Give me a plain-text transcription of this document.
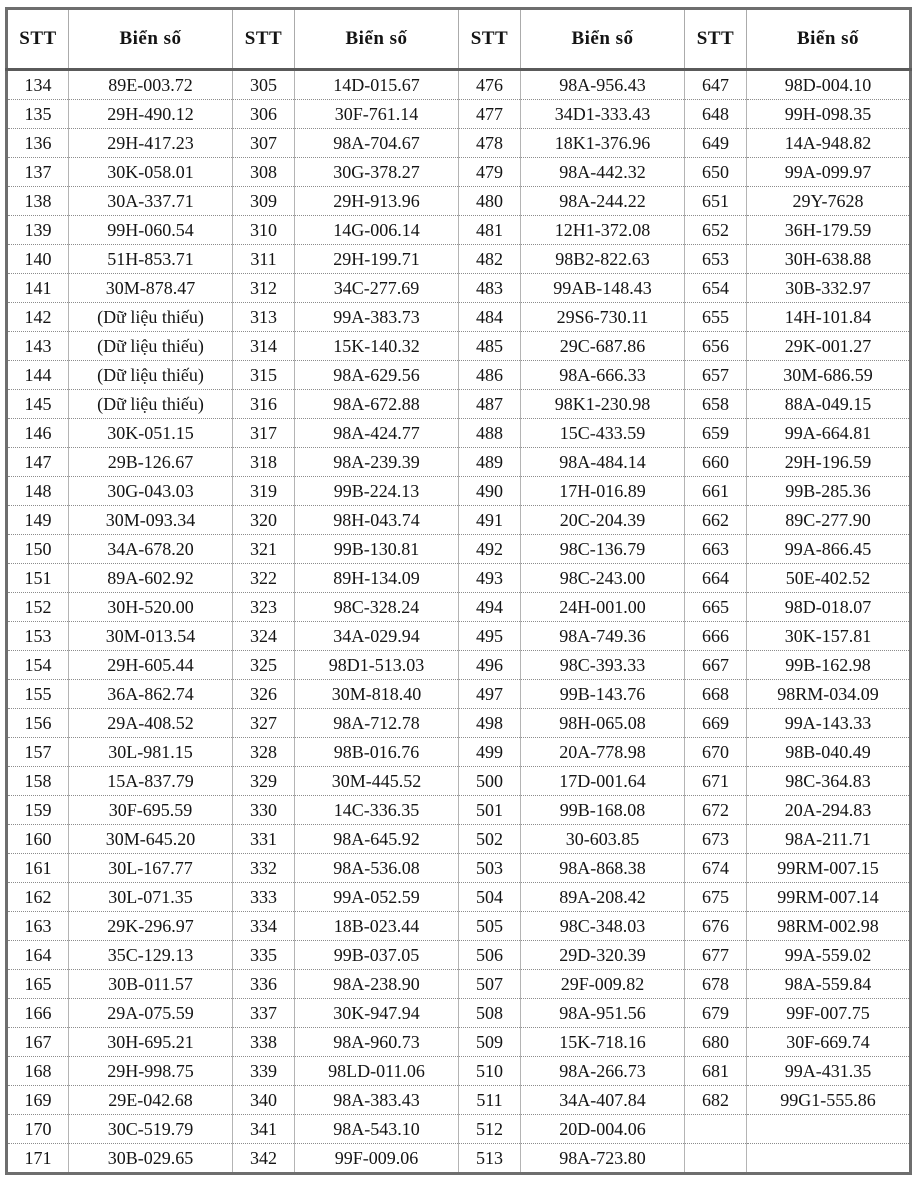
STT	Biển số	STT	Biển số	STT	Biển số	STT	Biển số
134	89E-003.72	305	14D-015.67	476	98A-956.43	647	98D-004.10
135	29H-490.12	306	30F-761.14	477	34D1-333.43	648	99H-098.35
136	29H-417.23	307	98A-704.67	478	18K1-376.96	649	14A-948.82
137	30K-058.01	308	30G-378.27	479	98A-442.32	650	99A-099.97
138	30A-337.71	309	29H-913.96	480	98A-244.22	651	29Y-7628
139	99H-060.54	310	14G-006.14	481	12H1-372.08	652	36H-179.59
140	51H-853.71	311	29H-199.71	482	98B2-822.63	653	30H-638.88
141	30M-878.47	312	34C-277.69	483	99AB-148.43	654	30B-332.97
142	(Dữ liệu thiếu)	313	99A-383.73	484	29S6-730.11	655	14H-101.84
143	(Dữ liệu thiếu)	314	15K-140.32	485	29C-687.86	656	29K-001.27
144	(Dữ liệu thiếu)	315	98A-629.56	486	98A-666.33	657	30M-686.59
145	(Dữ liệu thiếu)	316	98A-672.88	487	98K1-230.98	658	88A-049.15
146	30K-051.15	317	98A-424.77	488	15C-433.59	659	99A-664.81
147	29B-126.67	318	98A-239.39	489	98A-484.14	660	29H-196.59
148	30G-043.03	319	99B-224.13	490	17H-016.89	661	99B-285.36
149	30M-093.34	320	98H-043.74	491	20C-204.39	662	89C-277.90
150	34A-678.20	321	99B-130.81	492	98C-136.79	663	99A-866.45
151	89A-602.92	322	89H-134.09	493	98C-243.00	664	50E-402.52
152	30H-520.00	323	98C-328.24	494	24H-001.00	665	98D-018.07
153	30M-013.54	324	34A-029.94	495	98A-749.36	666	30K-157.81
154	29H-605.44	325	98D1-513.03	496	98C-393.33	667	99B-162.98
155	36A-862.74	326	30M-818.40	497	99B-143.76	668	98RM-034.09
156	29A-408.52	327	98A-712.78	498	98H-065.08	669	99A-143.33
157	30L-981.15	328	98B-016.76	499	20A-778.98	670	98B-040.49
158	15A-837.79	329	30M-445.52	500	17D-001.64	671	98C-364.83
159	30F-695.59	330	14C-336.35	501	99B-168.08	672	20A-294.83
160	30M-645.20	331	98A-645.92	502	30-603.85	673	98A-211.71
161	30L-167.77	332	98A-536.08	503	98A-868.38	674	99RM-007.15
162	30L-071.35	333	99A-052.59	504	89A-208.42	675	99RM-007.14
163	29K-296.97	334	18B-023.44	505	98C-348.03	676	98RM-002.98
164	35C-129.13	335	99B-037.05	506	29D-320.39	677	99A-559.02
165	30B-011.57	336	98A-238.90	507	29F-009.82	678	98A-559.84
166	29A-075.59	337	30K-947.94	508	98A-951.56	679	99F-007.75
167	30H-695.21	338	98A-960.73	509	15K-718.16	680	30F-669.74
168	29H-998.75	339	98LD-011.06	510	98A-266.73	681	99A-431.35
169	29E-042.68	340	98A-383.43	511	34A-407.84	682	99G1-555.86
170	30C-519.79	341	98A-543.10	512	20D-004.06		
171	30B-029.65	342	99F-009.06	513	98A-723.80		
